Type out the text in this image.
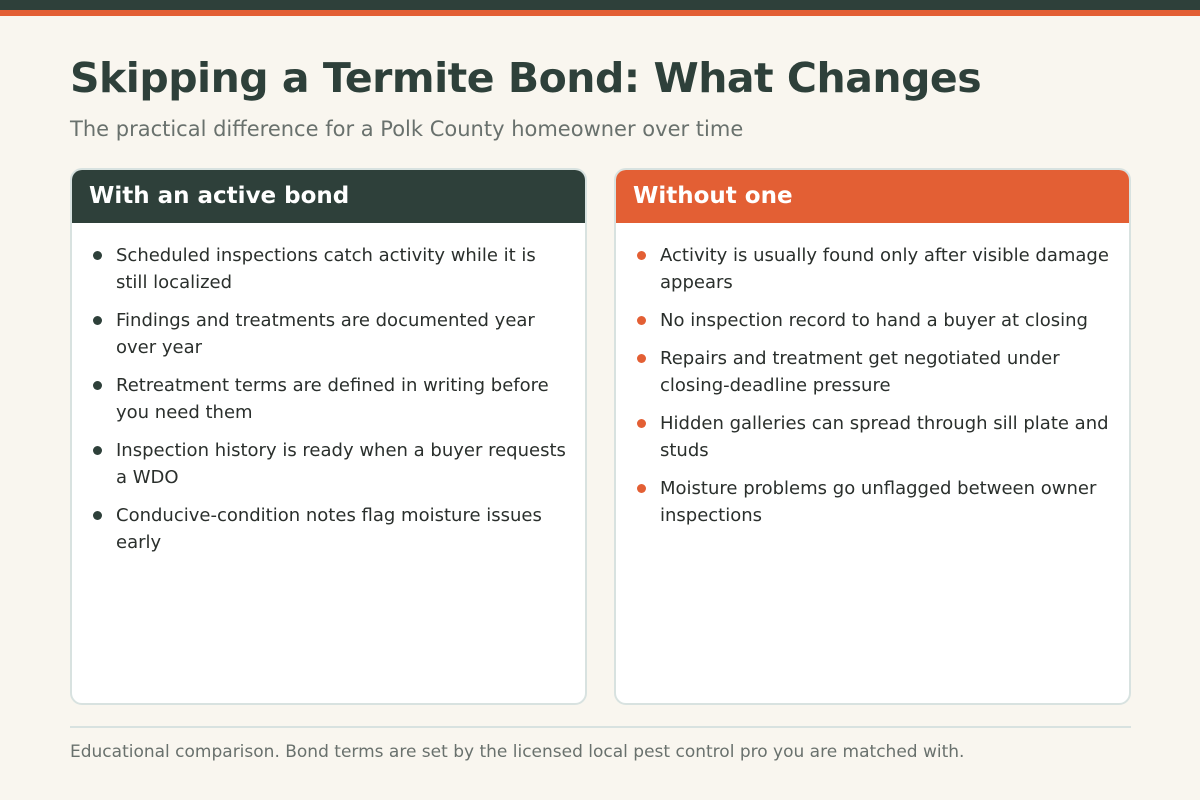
Skipping a Termite Bond: What Changes

The practical difference for a Polk County homeowner over time

With an active bond
Scheduled inspections catch activity while it is still localized
Findings and treatments are documented year over year
Retreatment terms are defined in writing before you need them
Inspection history is ready when a buyer requests a WDO
Conducive-condition notes flag moisture issues early
Without one
Activity is usually found only after visible damage appears
No inspection record to hand a buyer at closing
Repairs and treatment get negotiated under closing-deadline pressure
Hidden galleries can spread through sill plate and studs
Moisture problems go unflagged between owner inspections

Educational comparison. Bond terms are set by the licensed local pest control pro you are matched with.
